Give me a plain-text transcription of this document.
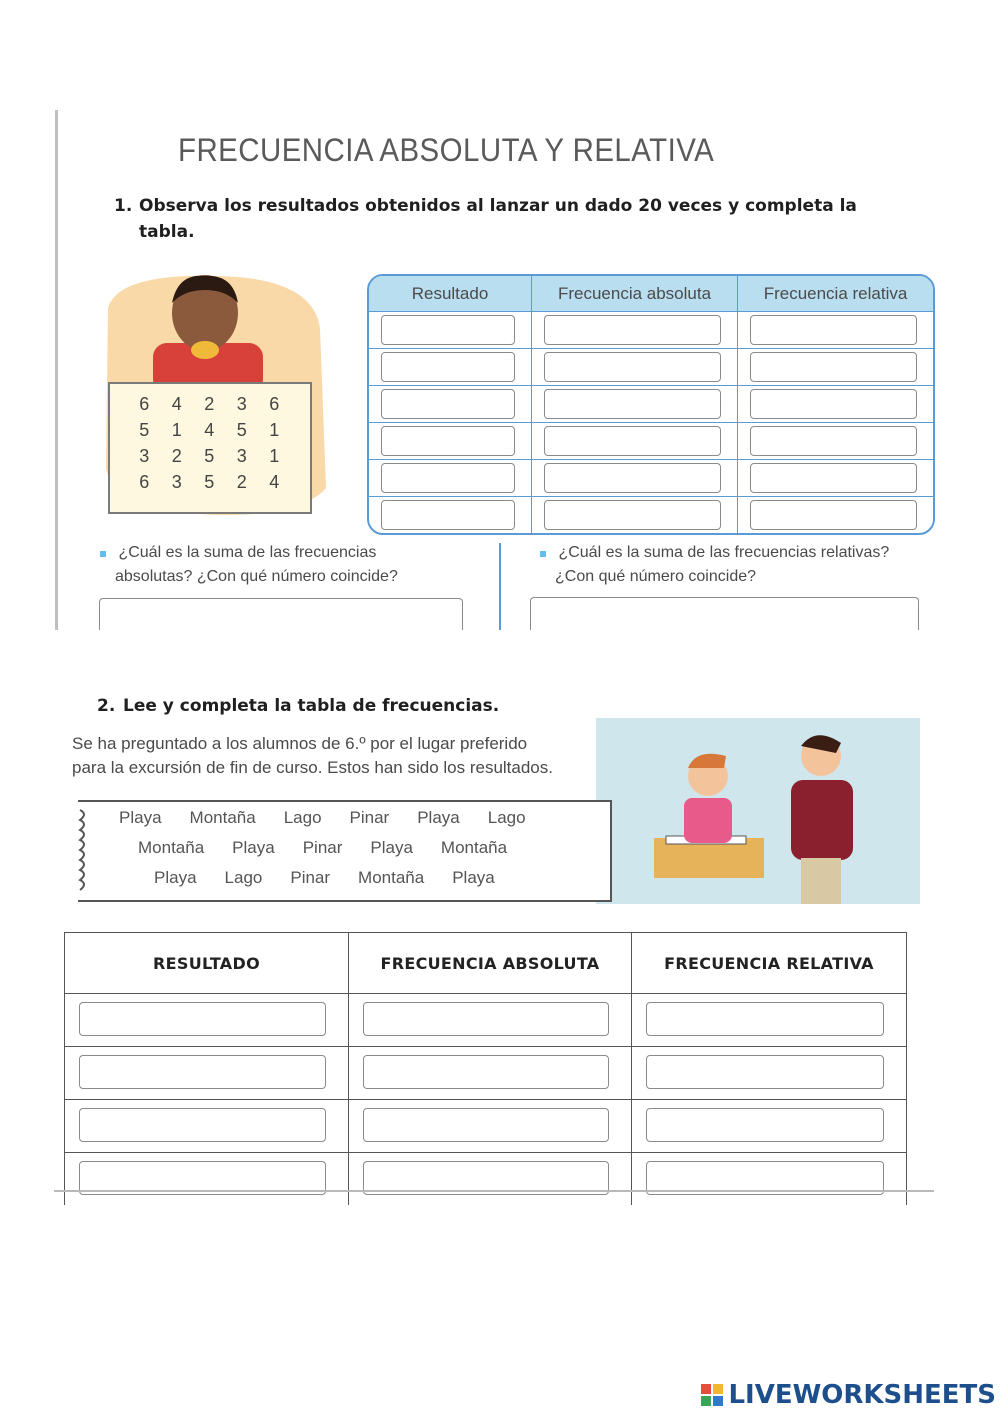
FRECUENCIA ABSOLUTA Y RELATIVA
1. Observa los resultados obtenidos al lanzar un dado 20 veces y completa la
tabla.
6	4	2	3	6
5	1	4	5	1
3	2	5	3	1
6	3	5	2	4
Resultado	Frecuencia absoluta	Frecuencia relativa

¿Cuál es la suma de las frecuencias
absolutas? ¿Con qué número coincide?
¿Cuál es la suma de las frecuencias relativas?
¿Con qué número coincide?
2. Lee y completa la tabla de frecuencias.
Se ha preguntado a los alumnos de 6.º por el lugar preferido
para la excursión de fin de curso. Estos han sido los resultados.
Playa Montaña Lago Pinar Playa Lago
Montaña Playa Pinar Playa Montaña
Playa Lago Pinar Montaña Playa
RESULTADO	FRECUENCIA ABSOLUTA	FRECUENCIA RELATIVA

LIVEWORKSHEETS
